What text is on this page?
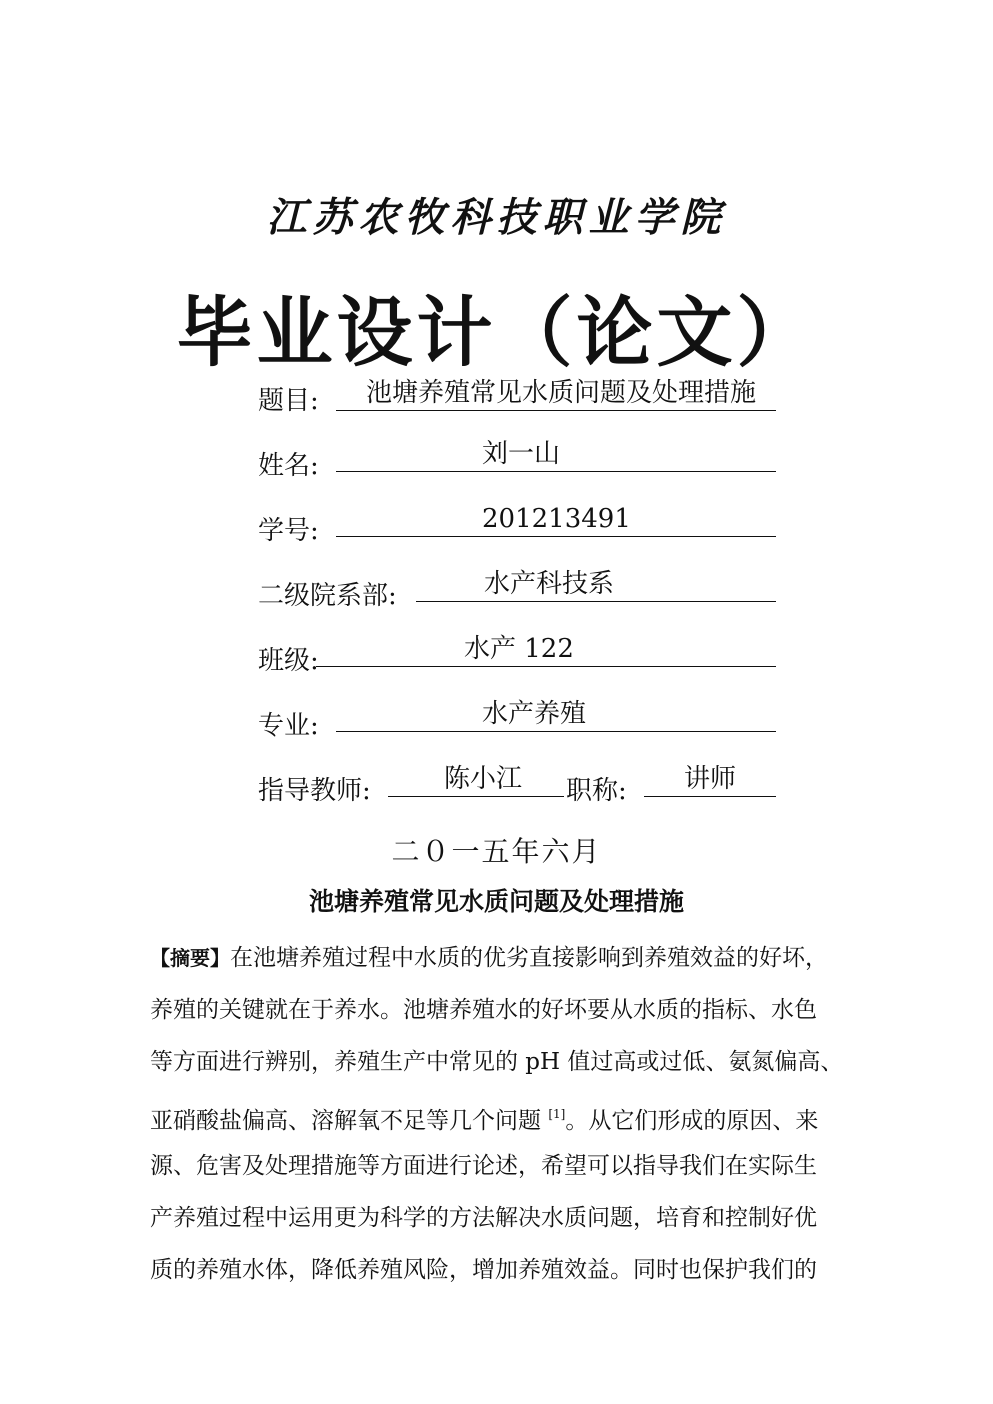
江苏农牧科技职业学院
毕业设计（论文）
题目: 池塘养殖常见水质问题及处理措施
姓名:	刘一山
学号:	201213491
二级院系部:	水产科技系
班级:	水产 122
专业:	水产养殖
指导教师:	陈小江 职称: 讲师
二０一五年六月
池塘养殖常见水质问题及处理措施
【摘要】在池塘养殖过程中水质的优劣直接影响到养殖效益的好坏，
养殖的关键就在于养水。池塘养殖水的好坏要从水质的指标、水色
等方面进行辨别，养殖生产中常见的 pH 值过高或过低、氨氮偏高、
亚硝酸盐偏高、溶解氧不足等几个问题 [1]。从它们形成的原因、来
源、危害及处理措施等方面进行论述，希望可以指导我们在实际生
产养殖过程中运用更为科学的方法解决水质问题，培育和控制好优
质的养殖水体，降低养殖风险，增加养殖效益。同时也保护我们的
